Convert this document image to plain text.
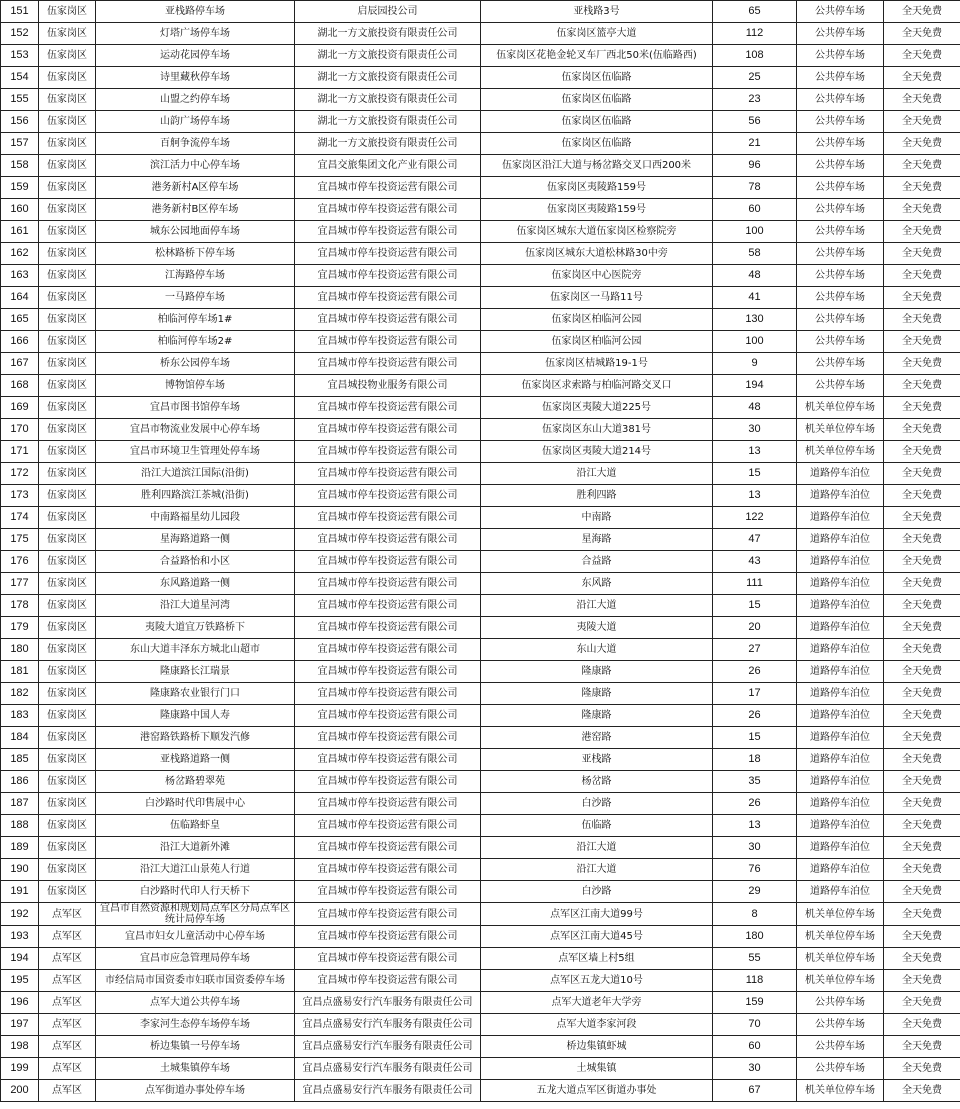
151	伍家岗区	亚栈路停车场	启辰园投公司	亚栈路3号	65	公共停车场	全天免费
152	伍家岗区	灯塔广场停车场	湖北一方文旅投资有限责任公司	伍家岗区篮亭大道	112	公共停车场	全天免费
153	伍家岗区	运动花园停车场	湖北一方文旅投资有限责任公司	伍家岗区花艳金轮叉车厂西北50米(伍临路西)	108	公共停车场	全天免费
154	伍家岗区	诗里藏秋停车场	湖北一方文旅投资有限责任公司	伍家岗区伍临路	25	公共停车场	全天免费
155	伍家岗区	山盟之约停车场	湖北一方文旅投资有限责任公司	伍家岗区伍临路	23	公共停车场	全天免费
156	伍家岗区	山韵广场停车场	湖北一方文旅投资有限责任公司	伍家岗区伍临路	56	公共停车场	全天免费
157	伍家岗区	百舸争流停车场	湖北一方文旅投资有限责任公司	伍家岗区伍临路	21	公共停车场	全天免费
158	伍家岗区	滨江活力中心停车场	宜昌交旅集团文化产业有限公司	伍家岗区沿江大道与杨岔路交叉口西200米	96	公共停车场	全天免费
159	伍家岗区	港务新村A区停车场	宜昌城市停车投资运营有限公司	伍家岗区夷陵路159号	78	公共停车场	全天免费
160	伍家岗区	港务新村B区停车场	宜昌城市停车投资运营有限公司	伍家岗区夷陵路159号	60	公共停车场	全天免费
161	伍家岗区	城东公园地面停车场	宜昌城市停车投资运营有限公司	伍家岗区城东大道伍家岗区检察院旁	100	公共停车场	全天免费
162	伍家岗区	松林路桥下停车场	宜昌城市停车投资运营有限公司	伍家岗区城东大道松林路30中旁	58	公共停车场	全天免费
163	伍家岗区	江海路停车场	宜昌城市停车投资运营有限公司	伍家岗区中心医院旁	48	公共停车场	全天免费
164	伍家岗区	一马路停车场	宜昌城市停车投资运营有限公司	伍家岗区一马路11号	41	公共停车场	全天免费
165	伍家岗区	柏临河停车场1#	宜昌城市停车投资运营有限公司	伍家岗区柏临河公园	130	公共停车场	全天免费
166	伍家岗区	柏临河停车场2#	宜昌城市停车投资运营有限公司	伍家岗区柏临河公园	100	公共停车场	全天免费
167	伍家岗区	桥东公园停车场	宜昌城市停车投资运营有限公司	伍家岗区桔城路19-1号	9	公共停车场	全天免费
168	伍家岗区	博物馆停车场	宜昌城投物业服务有限公司	伍家岗区求索路与柏临河路交叉口	194	公共停车场	全天免费
169	伍家岗区	宜昌市图书馆停车场	宜昌城市停车投资运营有限公司	伍家岗区夷陵大道225号	48	机关单位停车场	全天免费
170	伍家岗区	宜昌市物流业发展中心停车场	宜昌城市停车投资运营有限公司	伍家岗区东山大道381号	30	机关单位停车场	全天免费
171	伍家岗区	宜昌市环境卫生管理处停车场	宜昌城市停车投资运营有限公司	伍家岗区夷陵大道214号	13	机关单位停车场	全天免费
172	伍家岗区	沿江大道滨江国际(沿街)	宜昌城市停车投资运营有限公司	沿江大道	15	道路停车泊位	全天免费
173	伍家岗区	胜利四路滨江茶城(沿街)	宜昌城市停车投资运营有限公司	胜利四路	13	道路停车泊位	全天免费
174	伍家岗区	中南路福星幼儿园段	宜昌城市停车投资运营有限公司	中南路	122	道路停车泊位	全天免费
175	伍家岗区	星海路道路一侧	宜昌城市停车投资运营有限公司	星海路	47	道路停车泊位	全天免费
176	伍家岗区	合益路怡和小区	宜昌城市停车投资运营有限公司	合益路	43	道路停车泊位	全天免费
177	伍家岗区	东风路道路一侧	宜昌城市停车投资运营有限公司	东风路	111	道路停车泊位	全天免费
178	伍家岗区	沿江大道星河湾	宜昌城市停车投资运营有限公司	沿江大道	15	道路停车泊位	全天免费
179	伍家岗区	夷陵大道宜万铁路桥下	宜昌城市停车投资运营有限公司	夷陵大道	20	道路停车泊位	全天免费
180	伍家岗区	东山大道丰泽东方城北山超市	宜昌城市停车投资运营有限公司	东山大道	27	道路停车泊位	全天免费
181	伍家岗区	隆康路长江瑞景	宜昌城市停车投资运营有限公司	隆康路	26	道路停车泊位	全天免费
182	伍家岗区	隆康路农业银行门口	宜昌城市停车投资运营有限公司	隆康路	17	道路停车泊位	全天免费
183	伍家岗区	隆康路中国人寿	宜昌城市停车投资运营有限公司	隆康路	26	道路停车泊位	全天免费
184	伍家岗区	港窑路铁路桥下顺发汽修	宜昌城市停车投资运营有限公司	港窑路	15	道路停车泊位	全天免费
185	伍家岗区	亚栈路道路一侧	宜昌城市停车投资运营有限公司	亚栈路	18	道路停车泊位	全天免费
186	伍家岗区	杨岔路碧翠苑	宜昌城市停车投资运营有限公司	杨岔路	35	道路停车泊位	全天免费
187	伍家岗区	白沙路时代印售展中心	宜昌城市停车投资运营有限公司	白沙路	26	道路停车泊位	全天免费
188	伍家岗区	伍临路虾皇	宜昌城市停车投资运营有限公司	伍临路	13	道路停车泊位	全天免费
189	伍家岗区	沿江大道新外滩	宜昌城市停车投资运营有限公司	沿江大道	30	道路停车泊位	全天免费
190	伍家岗区	沿江大道江山景苑人行道	宜昌城市停车投资运营有限公司	沿江大道	76	道路停车泊位	全天免费
191	伍家岗区	白沙路时代印人行天桥下	宜昌城市停车投资运营有限公司	白沙路	29	道路停车泊位	全天免费
192	点军区	宜昌市自然资源和规划局点军区分局点军区统计局停车场	宜昌城市停车投资运营有限公司	点军区江南大道99号	8	机关单位停车场	全天免费
193	点军区	宜昌市妇女儿童活动中心停车场	宜昌城市停车投资运营有限公司	点军区江南大道45号	180	机关单位停车场	全天免费
194	点军区	宜昌市应急管理局停车场	宜昌城市停车投资运营有限公司	点军区墙上村5组	55	机关单位停车场	全天免费
195	点军区	市经信局市国资委市妇联市国资委停车场	宜昌城市停车投资运营有限公司	点军区五龙大道10号	118	机关单位停车场	全天免费
196	点军区	点军大道公共停车场	宜昌点盛易安行汽车服务有限责任公司	点军大道老年大学旁	159	公共停车场	全天免费
197	点军区	李家河生态停车场停车场	宜昌点盛易安行汽车服务有限责任公司	点军大道李家河段	70	公共停车场	全天免费
198	点军区	桥边集镇一号停车场	宜昌点盛易安行汽车服务有限责任公司	桥边集镇虾城	60	公共停车场	全天免费
199	点军区	土城集镇停车场	宜昌点盛易安行汽车服务有限责任公司	土城集镇	30	公共停车场	全天免费
200	点军区	点军街道办事处停车场	宜昌点盛易安行汽车服务有限责任公司	五龙大道点军区街道办事处	67	机关单位停车场	全天免费
